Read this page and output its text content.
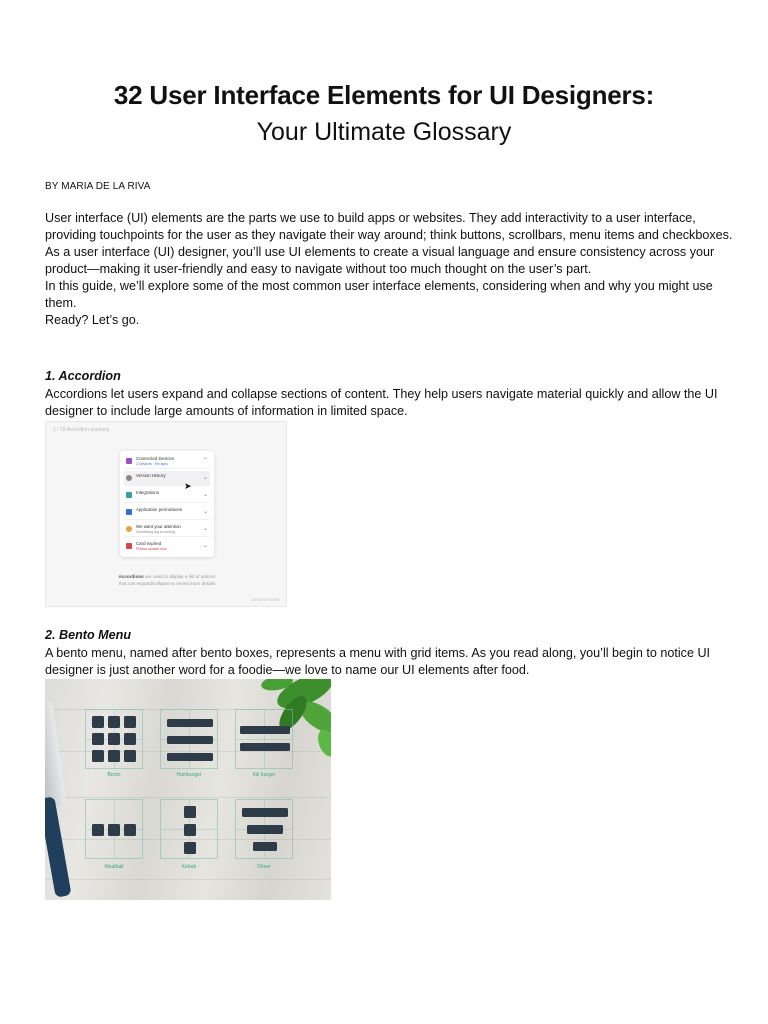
32 User Interface Elements for UI Designers:
Your Ultimate Glossary
BY MARIA DE LA RIVA

User interface (UI) elements are the parts we use to build apps or websites. They add interactivity to a user interface, providing touchpoints for the user as they navigate their way around; think buttons, scrollbars, menu items and checkboxes.

As a user interface (UI) designer, you’ll use UI elements to create a visual language and ensure consistency across your product—making it user-friendly and easy to navigate without too much thought on the user’s part.

In this guide, we’ll explore some of the most common user interface elements, considering when and why you might use them.

Ready? Let’s go.

1. Accordion
Accordions let users expand and collapse sections of content. They help users navigate material quickly and allow the UI designer to include large amounts of information in limited space.
1 / 10 Accordion anatomy
Connected Devices
2 Devices · Re-sync	⌃
Version History	⌄
Integrations	⌄
Application permissions	⌄
We want your attention
Something big is coming	⌄
Card expired
Please update now	⌄
➤
Accordions are used to display a list of options
that can expand/collapse to reveal more details
DESIGNSYSTEM
2. Bento Menu
A bento menu, named after bento boxes, represents a menu with grid items. As you read along, you’ll begin to notice UI designer is just another word for a foodie—we love to name our UI elements after food.
Bento	Hamburger	Kill burger
Meatball	Kebab	Döner
